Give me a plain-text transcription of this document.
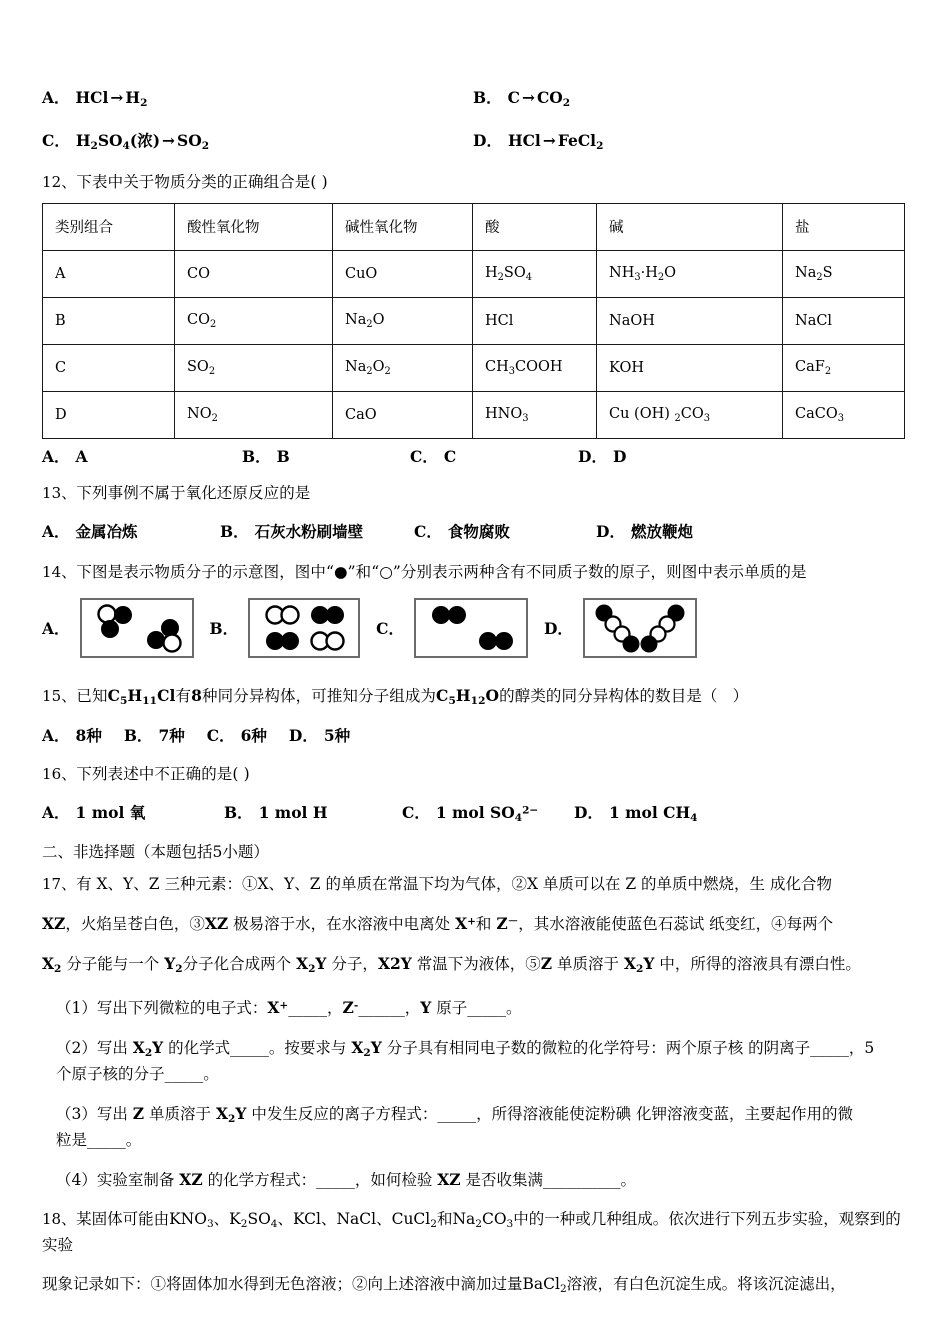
A． HCl → $H_2$	B． $C \to CO_2$
C． $H_2SO_4$(浓) → $SO_2$	D． HCl → FeCl$_2$
12、下表中关于物质分类的正确组合是( )
类别组合	酸性氧化物	碱性氧化物	酸	碱	盐
A	CO	CuO	$H_2SO_4$	$NH_3\cdot H_2O$	$Na_2S$
B	$CO_2$	$Na_2O$	HCl	NaOH	NaCl
C	$SO_2$	$Na_2O_2$	$CH_3COOH$	KOH	CaF$_2$
D	$NO_2$	CaO	$HNO_3$	Cu (OH) $_2CO_3$	CaCO$_3$
A． A	B． B	C． C	D． D
13、下列事例不属于氧化还原反应的是
A． 金属冶炼	B． 石灰水粉刷墙壁	C． 食物腐败	D． 燃放鞭炮
14、下图是表示物质分子的示意图，图中“●”和“○”分别表示两种含有不同质子数的原子，则图中表示单质的是
A．	B．	C．	D．
15、已知$C_5H_{11}Cl$有8种同分异构体，可推知分子组成为$C_5H_{12}O$的醇类的同分异构体的数目是（   ）
A． 8种 B． 7种 C． 6种 D． 5种
16、下列表述中不正确的是( )
A． 1 mol 氧	B． 1 mol H	C． 1 mol $SO_4^{2-}$	D． 1 mol $CH_4$
二、非选择题（本题包括5小题）
17、有 X、Y、Z 三种元素：①X、Y、Z 的单质在常温下均为气体，②X 单质可以在 Z 的单质中燃烧，生 成化合物
XZ，火焰呈苍白色，③XZ 极易溶于水，在水溶液中电离处 X+和 Z－，其水溶液能使蓝色石蕊试 纸变红，④每两个
$X_2$ 分子能与一个 $Y_2$分子化合成两个 $X_2Y$ 分子，X2Y 常温下为液体，⑤Z 单质溶于 $X_2Y$ 中，所得的溶液具有漂白性。
（1）写出下列微粒的电子式：X+_____，Z-______，Y 原子_____。
（2）写出 $X_2Y$ 的化学式_____。按要求与 $X_2Y$ 分子具有相同电子数的微粒的化学符号：两个原子核 的阴离子_____，5
个原子核的分子_____。
（3）写出 Z 单质溶于 $X_2Y$ 中发生反应的离子方程式：_____，所得溶液能使淀粉碘 化钾溶液变蓝，主要起作用的微
粒是_____。
（4）实验室制备 XZ 的化学方程式：_____，如何检验 XZ 是否收集满__________。
18、某固体可能由$KNO_3$、$K_2SO_4$、KCl、NaCl、CuCl$_2$和$Na_2CO_3$中的一种或几种组成。依次进行下列五步实验，观察到的实验
现象记录如下：①将固体加水得到无色溶液；②向上述溶液中滴加过量BaCl$_2$溶液，有白色沉淀生成。将该沉淀滤出，
